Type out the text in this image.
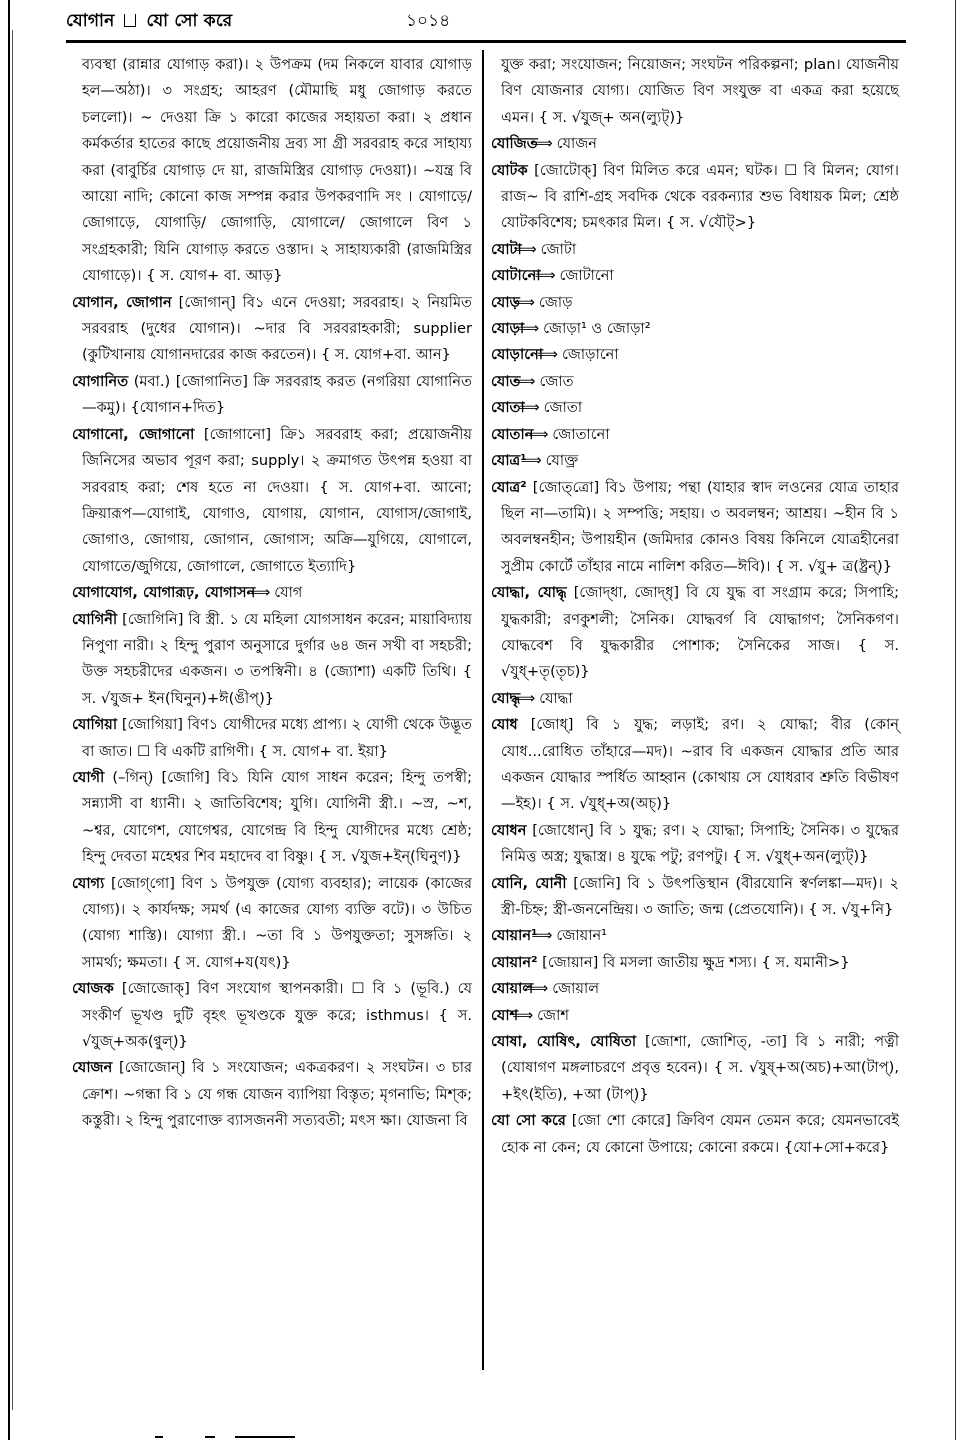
যোগান যো সো করে	১০১৪

ব্যবস্থা (রান্নার যোগাড় করা)। ২ উপক্রম (দম নিকলে যাবার যোগাড় হল—অঠা)। ৩ সংগ্রহ; আহরণ (মৌমাছি মধু জোগাড় করতে চললো)। ~ দেওয়া ক্রি ১ কারো কাজের সহায়তা করা। ২ প্রধান কর্মকর্তার হাতের কাছে প্রয়োজনীয় দ্রব্য সা গ্রী সরবরাহ করে সাহায্য করা (বাবুর্চির যোগাড় দে য়া, রাজমিস্ত্রির যোগাড় দেওয়া)। ~যন্ত্র বি আয়ো নাদি; কোনো কাজ সম্পন্ন করার উপকরণাদি সং । যোগাড়ে/জোগাড়ে, যোগাড়ি/ জোগাড়ি, যোগালে/ জোগালে বিণ ১ সংগ্রহকারী; যিনি যোগাড় করতে ওস্তাদ। ২ সাহায্যকারী (রাজমিস্ত্রির যোগাড়ে)। { স. যোগ+ বা. আড়}

যোগান, জোগান [জোগান্] বি১ এনে দেওয়া; সরবরাহ। ২ নিয়মিত সরবরাহ (দুধের যোগান)। ~দার বি সরবরাহকারী; supplier (কুটিখানায় যোগানদারের কাজ করতেন)। { স. যোগ+বা. আন}

যোগানিত (মবা.) [জোগানিত] ক্রি সরবরাহ করত (নগরিয়া যোগানিত—কমু)। {যোগান+দিত}

যোগানো, জোগানো [জোগানো] ক্রি১ সরবরাহ করা; প্রয়োজনীয় জিনিসের অভাব পূরণ করা; supply। ২ ক্রমাগত উৎপন্ন হওয়া বা সরবরাহ করা; শেষ হতে না দেওয়া। { স. যোগ+বা. আনো; ক্রিয়ারূপ—যোগাই, যোগাও, যোগায়, যোগান, যোগাস/জোগাই, জোগাও, জোগায়, জোগান, জোগাস; অক্রি—যুগিয়ে, যোগালে, যোগাতে/জুগিয়ে, জোগালে, জোগাতে ইত্যাদি}

যোগাযোগ, যোগারূঢ়, যোগাসন⟹ যোগ

যোগিনী [জোগিনি] বি স্ত্রী. ১ যে মহিলা যোগসাধন করেন; মায়াবিদ্যায় নিপুণা নারী। ২ হিন্দু পুরাণ অনুসারে দুর্গার ৬৪ জন সখী বা সহচরী; উক্ত সহচরীদের একজন। ৩ তপস্বিনী। ৪ (জ্যোশা) একটি তিথি। { স. √যুজ+ ইন(ঘিনুন)+ঈ(ঙীপ্)}

যোগিয়া [জোগিয়া] বিণ১ যোগীদের মধ্যে প্রাপ্য। ২ যোগী থেকে উদ্ভূত বা জাত। ☐ বি একটি রাগিণী। { স. যোগ+ বা. ইয়া}

যোগী (–গিন্) [জোগি] বি১ যিনি যোগ সাধন করেন; হিন্দু তপস্বী; সন্ন্যাসী বা ধ্যানী। ২ জাতিবিশেষ; যুগি। যোগিনী স্ত্রী.। ~স্র, ~শ, ~শ্বর, যোগেশ, যোগেশ্বর, যোগেন্দ্র বি হিন্দু যোগীদের মধ্যে শ্রেষ্ঠ; হিন্দু দেবতা মহেশ্বর শিব মহাদেব বা বিষ্ণু। { স. √যুজ+ইন্(ঘিনুণ)}

যোগ্য [জোগ্‌গো] বিণ ১ উপযুক্ত (যোগ্য ব্যবহার); লায়েক (কাজের যোগ্য)। ২ কার্যদক্ষ; সমর্থ (এ কাজের যোগ্য ব্যক্তি বটে)। ৩ উচিত (যোগ্য শাস্তি)। যোগ্যা স্ত্রী.। ~তা বি ১ উপযুক্ততা; সুসঙ্গতি। ২ সামর্থ্য; ক্ষমতা। { স. যোগ+য(যৎ)}

যোজক [জোজোক্] বিণ সংযোগ স্থাপনকারী। ☐ বি ১ (ভূবি.) যে সংকীর্ণ ভূখণ্ড দুটি বৃহৎ ভূখণ্ডকে যুক্ত করে; isthmus। { স. √যুজ্+অক(ণ্বুল্)}

যোজন [জোজোন্] বি ১ সংযোজন; একত্রকরণ। ২ সংঘটন। ৩ চার ক্রোশ। ~গন্ধা বি ১ যে গন্ধ যোজন ব্যাপিয়া বিস্তৃত; মৃগনাভি; মিশ্‌ক; কস্তুরী। ২ হিন্দু পুরাণোক্ত ব্যাসজননী সত্যবতী; মৎস ক্ষা। যোজনা বি

যুক্ত করা; সংযোজন; নিয়োজন; সংঘটন পরিকল্পনা; plan। যোজনীয় বিণ যোজনার যোগ্য। যোজিত বিণ সংযুক্ত বা একত্র করা হয়েছে এমন। { স. √যুজ্+ অন(ল্যুট্)}

যোজিত⟹ যোজন

যোটক [জোটোক্] বিণ মিলিত করে এমন; ঘটক। ☐ বি মিলন; যোগ। রাজ~ বি রাশি-গ্রহ সবদিক থেকে বরকন্যার শুভ বিধায়ক মিল; শ্রেষ্ঠ যোটকবিশেষ; চমৎকার মিল। { স. √যৌট্>}

যোটা⟹ জোটা

যোটানো⟹ জোটানো

যোড়⟹ জোড়

যোড়া⟹ জোড়া¹ ও জোড়া²

যোড়ানো⟹ জোড়ানো

যোত⟹ জোত

যোতা⟹ জোতা

যোতান⟹ জোতানো

যোত্র¹⟹ যোক্ত্র

যোত্র² [জোত্‌ত্রো] বি১ উপায়; পন্থা (যাহার স্বাদ লওনের যোত্র তাহার ছিল না—তামি)। ২ সম্পত্তি; সহায়। ৩ অবলম্বন; আশ্রয়। ~হীন বি ১ অবলম্বনহীন; উপায়হীন (জমিদার কোনও বিষয় কিনিলে যোত্রহীনেরা সুপ্রীম কোর্টে তাঁহার নামে নালিশ করিত—ঈবি)। { স. √যু+ ত্র(ষ্ট্রন্)}

যোদ্ধা, যোদ্ধৃ [জোদ্‌ধা, জোদ্‌ধৃ] বি যে যুদ্ধ বা সংগ্রাম করে; সিপাহি; যুদ্ধকারী; রণকুশলী; সৈনিক। যোদ্ধবর্গ বি যোদ্ধাগণ; সৈনিকগণ। যোদ্ধবেশ বি যুদ্ধকারীর পোশাক; সৈনিকের সাজ। { স. √যুধ্+তৃ(তৃচ)}

যোদ্ধৃ⟹ যোদ্ধা

যোধ [জোধ্] বি ১ যুদ্ধ; লড়াই; রণ। ২ যোদ্ধা; বীর (কোন্ যোধ...রোধিত তাঁহারে—মদ)। ~রাব বি একজন যোদ্ধার প্রতি আর একজন যোদ্ধার স্পর্ধিত আহ্বান (কোথায় সে যোধরাব শ্রুতি বিভীষণ—ইহ)। { স. √যুধ্+অ(অচ্)}

যোধন [জোধোন্] বি ১ যুদ্ধ; রণ। ২ যোদ্ধা; সিপাহি; সৈনিক। ৩ যুদ্ধের নিমিত্ত অস্ত্র; যুদ্ধাস্ত্র। ৪ যুদ্ধে পটু; রণপটু। { স. √যুধ্+অন(ল্যুট্)}

যোনি, যোনী [জোনি] বি ১ উৎপত্তিস্থান (বীরযোনি স্বর্ণলঙ্কা—মদ)। ২ স্ত্রী-চিহ্ন; স্ত্রী-জননেন্দ্রিয়। ৩ জাতি; জন্ম (প্রেতযোনি)। { স. √যু+নি}

যোয়ান¹⟹ জোয়ান¹

যোয়ান² [জোয়ান] বি মসলা জাতীয় ক্ষুদ্র শস্য। { স. যমানী>}

যোয়াল⟹ জোয়াল

যোশ⟹ জোশ

যোষা, যোষিৎ, যোষিতা [জোশা, জোশিত্, -তা] বি ১ নারী; পত্নী (যোষাগণ মঙ্গলাচরণে প্রবৃত্ত হবেন)। { স. √যুষ্+অ(অচ)+আ(টাপ্), +ইৎ(ইতি), +আ (টাপ্)}

যো সো করে [জো শো কোরে] ক্রিবিণ যেমন তেমন করে; যেমনভাবেই হোক না কেন; যে কোনো উপায়ে; কোনো রকমে। {যো+সো+করে}
